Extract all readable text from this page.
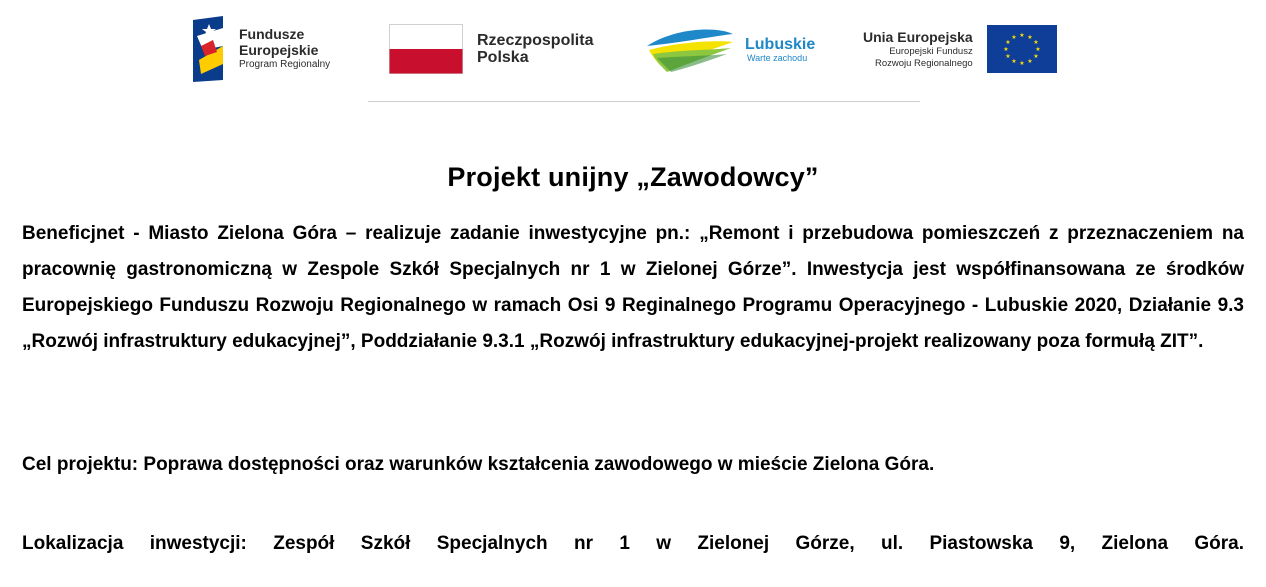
Fundusze
Europejskie
Program Regionalny
Rzeczpospolita
Polska
Lubuskie
Warte zachodu
Unia Europejska
Europejski Fundusz
Rozwoju Regionalnego
★ ★
★
★
★
★
★
★
★
★
★
★
Projekt unijny „Zawodowcy”
Beneficjnet - Miasto Zielona Góra – realizuje zadanie inwestycyjne pn.: „Remont i przebudowa pomieszczeń z przeznaczeniem na pracownię gastronomiczną w Zespole Szkół Specjalnych nr 1 w Zielonej Górze”. Inwestycja jest współfinansowana ze środków Europejskiego Funduszu Rozwoju Regionalnego w ramach Osi 9 Reginalnego Programu Operacyjnego - Lubuskie 2020, Działanie 9.3 „Rozwój infrastruktury edukacyjnej”, Poddziałanie 9.3.1 „Rozwój infrastruktury edukacyjnej-projekt realizowany poza formułą ZIT”.
Cel projektu: Poprawa dostępności oraz warunków kształcenia zawodowego w mieście Zielona Góra.
Lokalizacja inwestycji: Zespół Szkół Specjalnych nr 1 w Zielonej Górze, ul. Piastowska 9, Zielona Góra.
